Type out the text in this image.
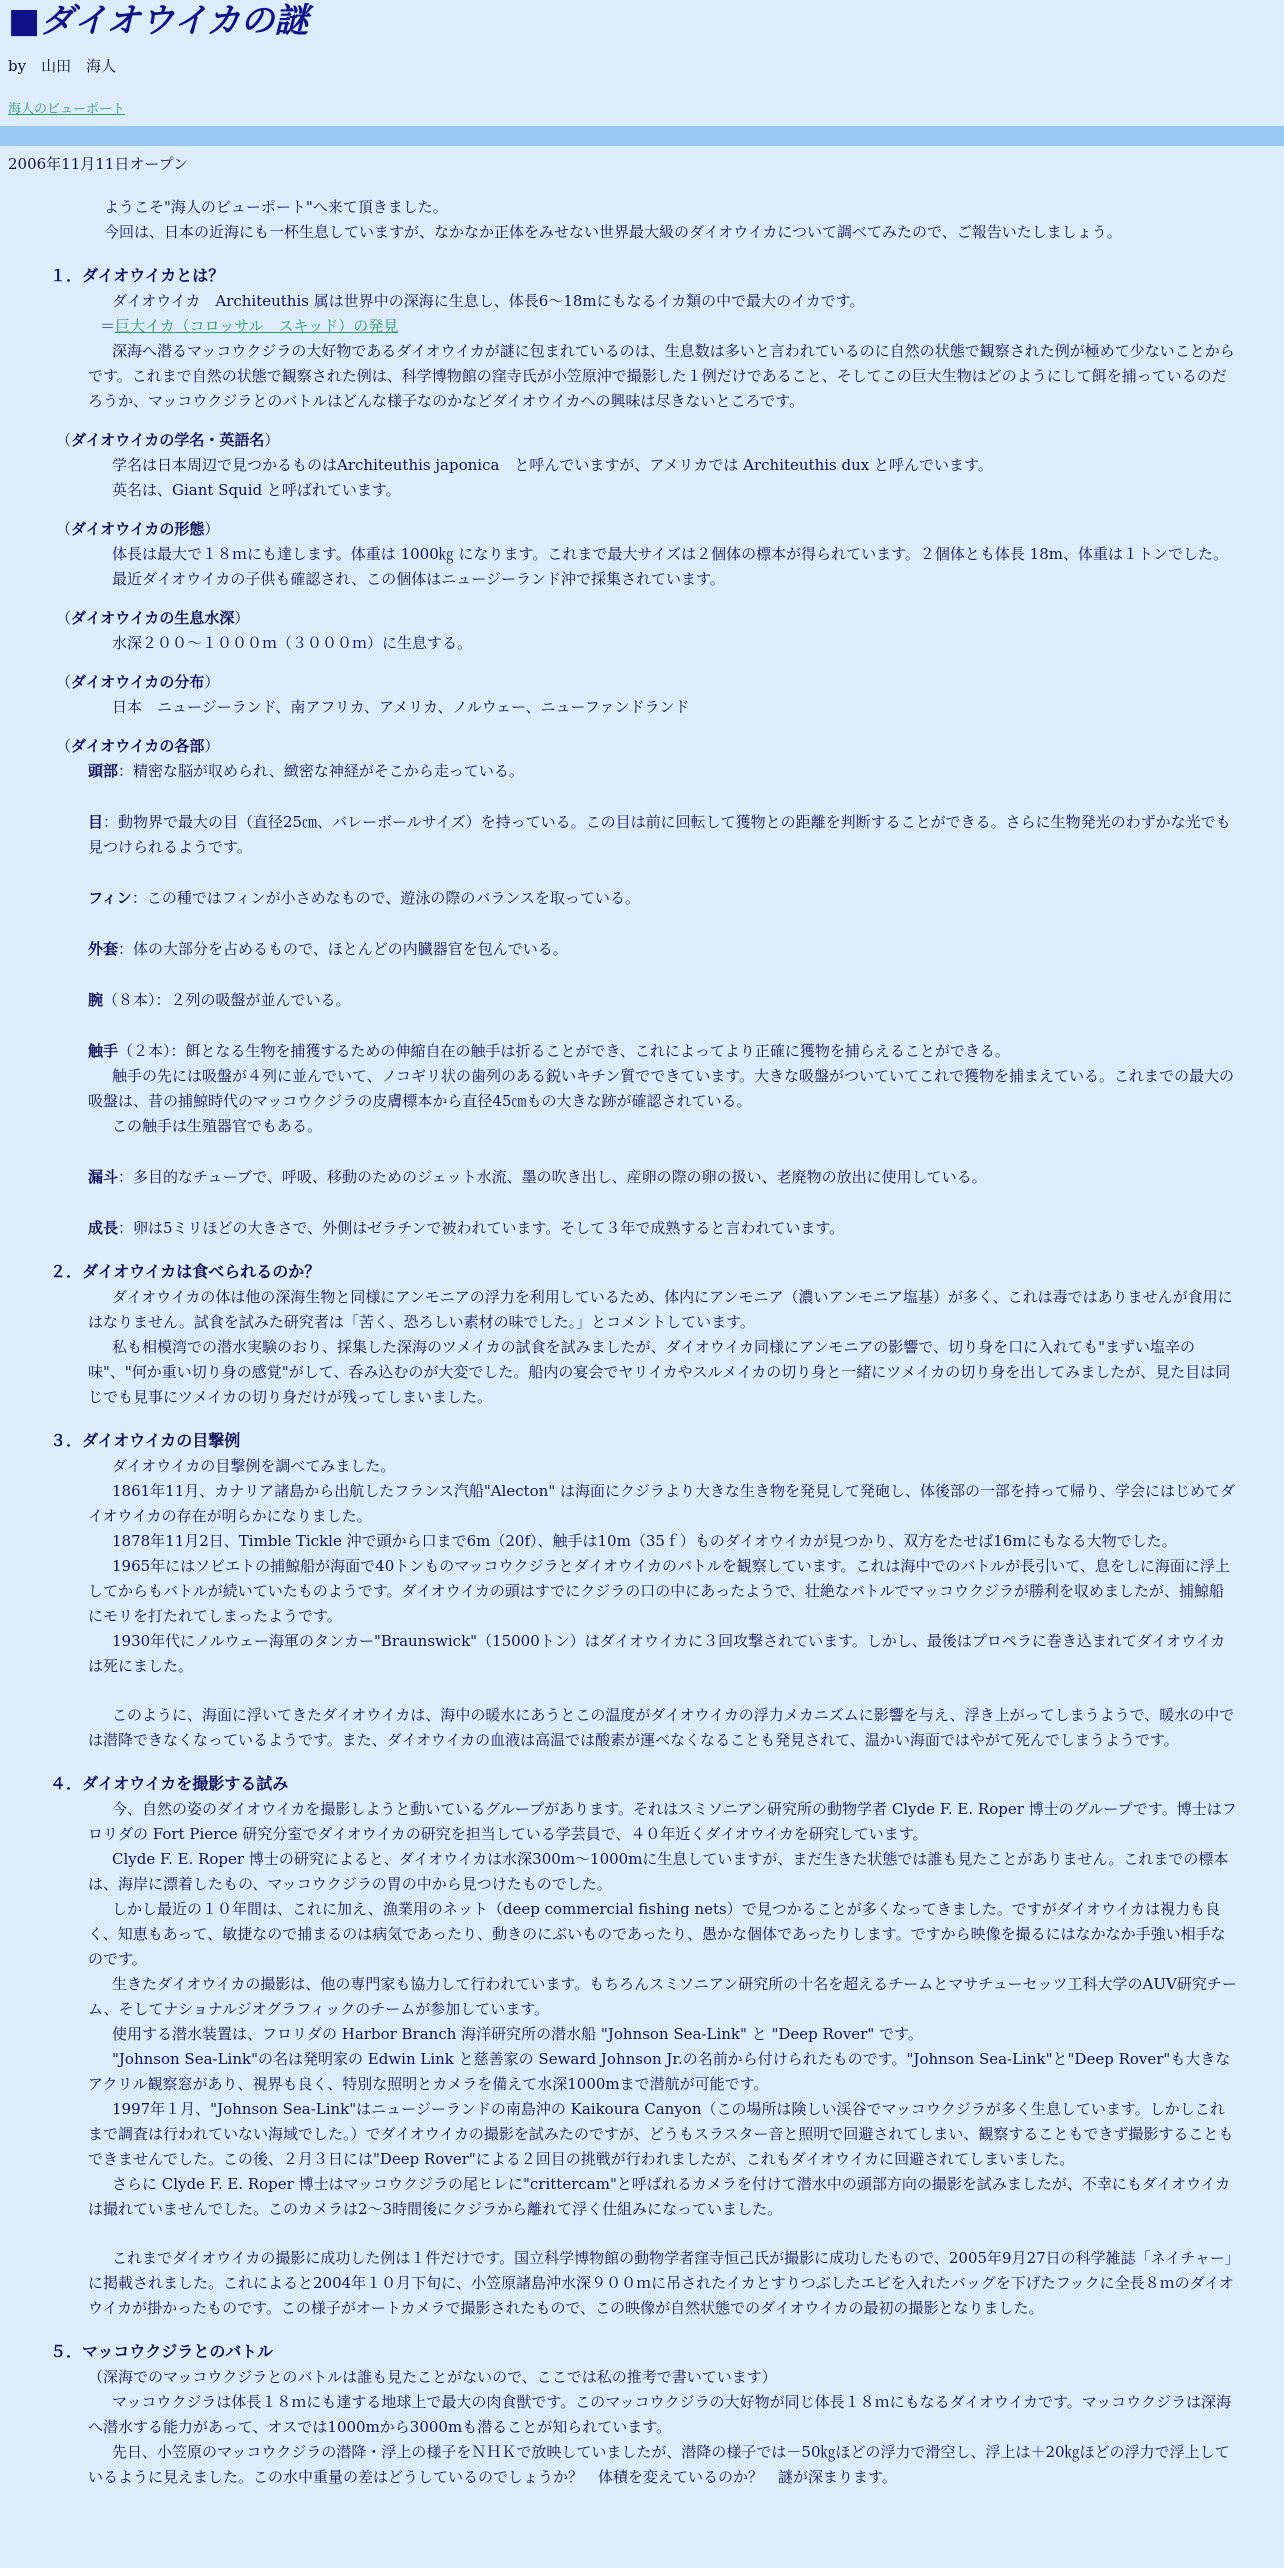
■ダイオウイカの謎
by　山田　海人
海人のビューポート
2006年11月11日オープン

ようこそ"海人のビューポート"へ来て頂きました。

今回は、日本の近海にも一杯生息していますが、なかなか正体をみせない世界最大級のダイオウイカについて調べてみたので、ご報告いたしましょう。

１．ダイオウイカとは？

ダイオウイカ　Architeuthis 属は世界中の深海に生息し、体長6～18mにもなるイカ類の中で最大のイカです。

＝巨大イカ（コロッサル　スキッド）の発見

深海へ潜るマッコウクジラの大好物であるダイオウイカが謎に包まれているのは、生息数は多いと言われているのに自然の状態で観察された例が極めて少ないことからです。これまで自然の状態で観察された例は、科学博物館の窪寺氏が小笠原沖で撮影した１例だけであること、そしてこの巨大生物はどのようにして餌を捕っているのだろうか、マッコウクジラとのバトルはどんな様子なのかなどダイオウイカへの興味は尽きないところです。

（ダイオウイカの学名・英語名）

学名は日本周辺で見つかるものはArchiteuthis japonica　と呼んでいますが、アメリカでは Architeuthis dux と呼んでいます。

英名は、Giant Squid と呼ばれています。

（ダイオウイカの形態）

体長は最大で１８ｍにも達します。体重は 1000㎏ になります。これまで最大サイズは２個体の標本が得られています。２個体とも体長 18m、体重は１トンでした。

最近ダイオウイカの子供も確認され、この個体はニュージーランド沖で採集されています。

（ダイオウイカの生息水深）

水深２００～１０００ｍ（３０００ｍ）に生息する。

（ダイオウイカの分布）

日本　ニュージーランド、南アフリカ、アメリカ、ノルウェー、ニューファンドランド

（ダイオウイカの各部）

頭部：精密な脳が収められ、緻密な神経がそこから走っている。

目：動物界で最大の目（直径25㎝、バレーボールサイズ）を持っている。この目は前に回転して獲物との距離を判断することができる。さらに生物発光のわずかな光でも見つけられるようです。

フィン：この種ではフィンが小さめなもので、遊泳の際のバランスを取っている。

外套：体の大部分を占めるもので、ほとんどの内臓器官を包んでいる。

腕（８本）：２列の吸盤が並んでいる。

触手（２本）：餌となる生物を捕獲するための伸縮自在の触手は折ることができ、これによってより正確に獲物を捕らえることができる。

触手の先には吸盤が４列に並んでいて、ノコギリ状の歯列のある鋭いキチン質でできています。大きな吸盤がついていてこれで獲物を捕まえている。これまでの最大の吸盤は、昔の捕鯨時代のマッコウクジラの皮膚標本から直径45㎝もの大きな跡が確認されている。

この触手は生殖器官でもある。

漏斗：多目的なチューブで、呼吸、移動のためのジェット水流、墨の吹き出し、産卵の際の卵の扱い、老廃物の放出に使用している。

成長：卵は5ミリほどの大きさで、外側はゼラチンで被われています。そして３年で成熟すると言われています。

２．ダイオウイカは食べられるのか？

ダイオウイカの体は他の深海生物と同様にアンモニアの浮力を利用しているため、体内にアンモニア（濃いアンモニア塩基）が多く、これは毒ではありませんが食用にはなりません。試食を試みた研究者は「苦く、恐ろしい素材の味でした。」とコメントしています。

私も相模湾での潜水実験のおり、採集した深海のツメイカの試食を試みましたが、ダイオウイカ同様にアンモニアの影響で、切り身を口に入れても"まずい塩辛の味"、"何か重い切り身の感覚"がして、呑み込むのが大変でした。船内の宴会でヤリイカやスルメイカの切り身と一緒にツメイカの切り身を出してみましたが、見た目は同じでも見事にツメイカの切り身だけが残ってしまいました。

３．ダイオウイカの目撃例

ダイオウイカの目撃例を調べてみました。

1861年11月、カナリア諸島から出航したフランス汽船"Alecton" は海面にクジラより大きな生き物を発見して発砲し、体後部の一部を持って帰り、学会にはじめてダイオウイカの存在が明らかになりました。

1878年11月2日、Timble Tickle 沖で頭から口まで6m（20f）、触手は10m（35ｆ）ものダイオウイカが見つかり、双方をたせば16mにもなる大物でした。

1965年にはソビエトの捕鯨船が海面で40トンものマッコウクジラとダイオウイカのバトルを観察しています。これは海中でのバトルが長引いて、息をしに海面に浮上してからもバトルが続いていたものようです。ダイオウイカの頭はすでにクジラの口の中にあったようで、壮絶なバトルでマッコウクジラが勝利を収めましたが、捕鯨船にモリを打たれてしまったようです。

1930年代にノルウェー海軍のタンカー"Braunswick"（15000トン）はダイオウイカに３回攻撃されています。しかし、最後はプロペラに巻き込まれてダイオウイカは死にました。

このように、海面に浮いてきたダイオウイカは、海中の暖水にあうとこの温度がダイオウイカの浮力メカニズムに影響を与え、浮き上がってしまうようで、暖水の中では潜降できなくなっているようです。また、ダイオウイカの血液は高温では酸素が運べなくなることも発見されて、温かい海面ではやがて死んでしまうようです。

４．ダイオウイカを撮影する試み

今、自然の姿のダイオウイカを撮影しようと動いているグループがあります。それはスミソニアン研究所の動物学者 Clyde F. E. Roper 博士のグループです。博士はフロリダの Fort Pierce 研究分室でダイオウイカの研究を担当している学芸員で、４０年近くダイオウイカを研究しています。

Clyde F. E. Roper 博士の研究によると、ダイオウイカは水深300m～1000mに生息していますが、まだ生きた状態では誰も見たことがありません。これまでの標本は、海岸に漂着したもの、マッコウクジラの胃の中から見つけたものでした。

しかし最近の１０年間は、これに加え、漁業用のネット（deep commercial fishing nets）で見つかることが多くなってきました。ですがダイオウイカは視力も良く、知恵もあって、敏捷なので捕まるのは病気であったり、動きのにぶいものであったり、愚かな個体であったりします。ですから映像を撮るにはなかなか手強い相手なのです。

生きたダイオウイカの撮影は、他の専門家も協力して行われています。もちろんスミソニアン研究所の十名を超えるチームとマサチューセッツ工科大学のAUV研究チーム、そしてナショナルジオグラフィックのチームが参加しています。

使用する潜水装置は、フロリダの Harbor Branch 海洋研究所の潜水船 "Johnson Sea-Link" と "Deep Rover" です。

"Johnson Sea-Link"の名は発明家の Edwin Link と慈善家の Seward Johnson Jr.の名前から付けられたものです。"Johnson Sea-Link"と"Deep Rover"も大きなアクリル観察窓があり、視界も良く、特別な照明とカメラを備えて水深1000mまで潜航が可能です。

1997年１月、"Johnson Sea-Link"はニュージーランドの南島沖の Kaikoura Canyon（この場所は険しい渓谷でマッコウクジラが多く生息しています。しかしこれまで調査は行われていない海域でした。）でダイオウイカの撮影を試みたのですが、どうもスラスター音と照明で回避されてしまい、観察することもできず撮影することもできませんでした。この後、２月３日には"Deep Rover"による２回目の挑戦が行われましたが、これもダイオウイカに回避されてしまいました。

さらに Clyde F. E. Roper 博士はマッコウクジラの尾ヒレに"crittercam"と呼ばれるカメラを付けて潜水中の頭部方向の撮影を試みましたが、不幸にもダイオウイカは撮れていませんでした。このカメラは2～3時間後にクジラから離れて浮く仕組みになっていました。

これまでダイオウイカの撮影に成功した例は１件だけです。国立科学博物館の動物学者窪寺恒己氏が撮影に成功したもので、2005年9月27日の科学雑誌「ネイチャー」に掲載されました。これによると2004年１０月下旬に、小笠原諸島沖水深９００ｍに吊されたイカとすりつぶしたエビを入れたバッグを下げたフックに全長８ｍのダイオウイカが掛かったものです。この様子がオートカメラで撮影されたもので、この映像が自然状態でのダイオウイカの最初の撮影となりました。

５．マッコウクジラとのバトル

（深海でのマッコウクジラとのバトルは誰も見たことがないので、ここでは私の推考で書いています）

マッコウクジラは体長１８ｍにも達する地球上で最大の肉食獣です。このマッコウクジラの大好物が同じ体長１８ｍにもなるダイオウイカです。マッコウクジラは深海へ潜水する能力があって、オスでは1000mから3000mも潜ることが知られています。

先日、小笠原のマッコウクジラの潜降・浮上の様子をＮＨＫで放映していましたが、潜降の様子では－50㎏ほどの浮力で滑空し、浮上は＋20㎏ほどの浮力で浮上しているように見えました。この水中重量の差はどうしているのでしょうか？　体積を変えているのか？　謎が深まります。
